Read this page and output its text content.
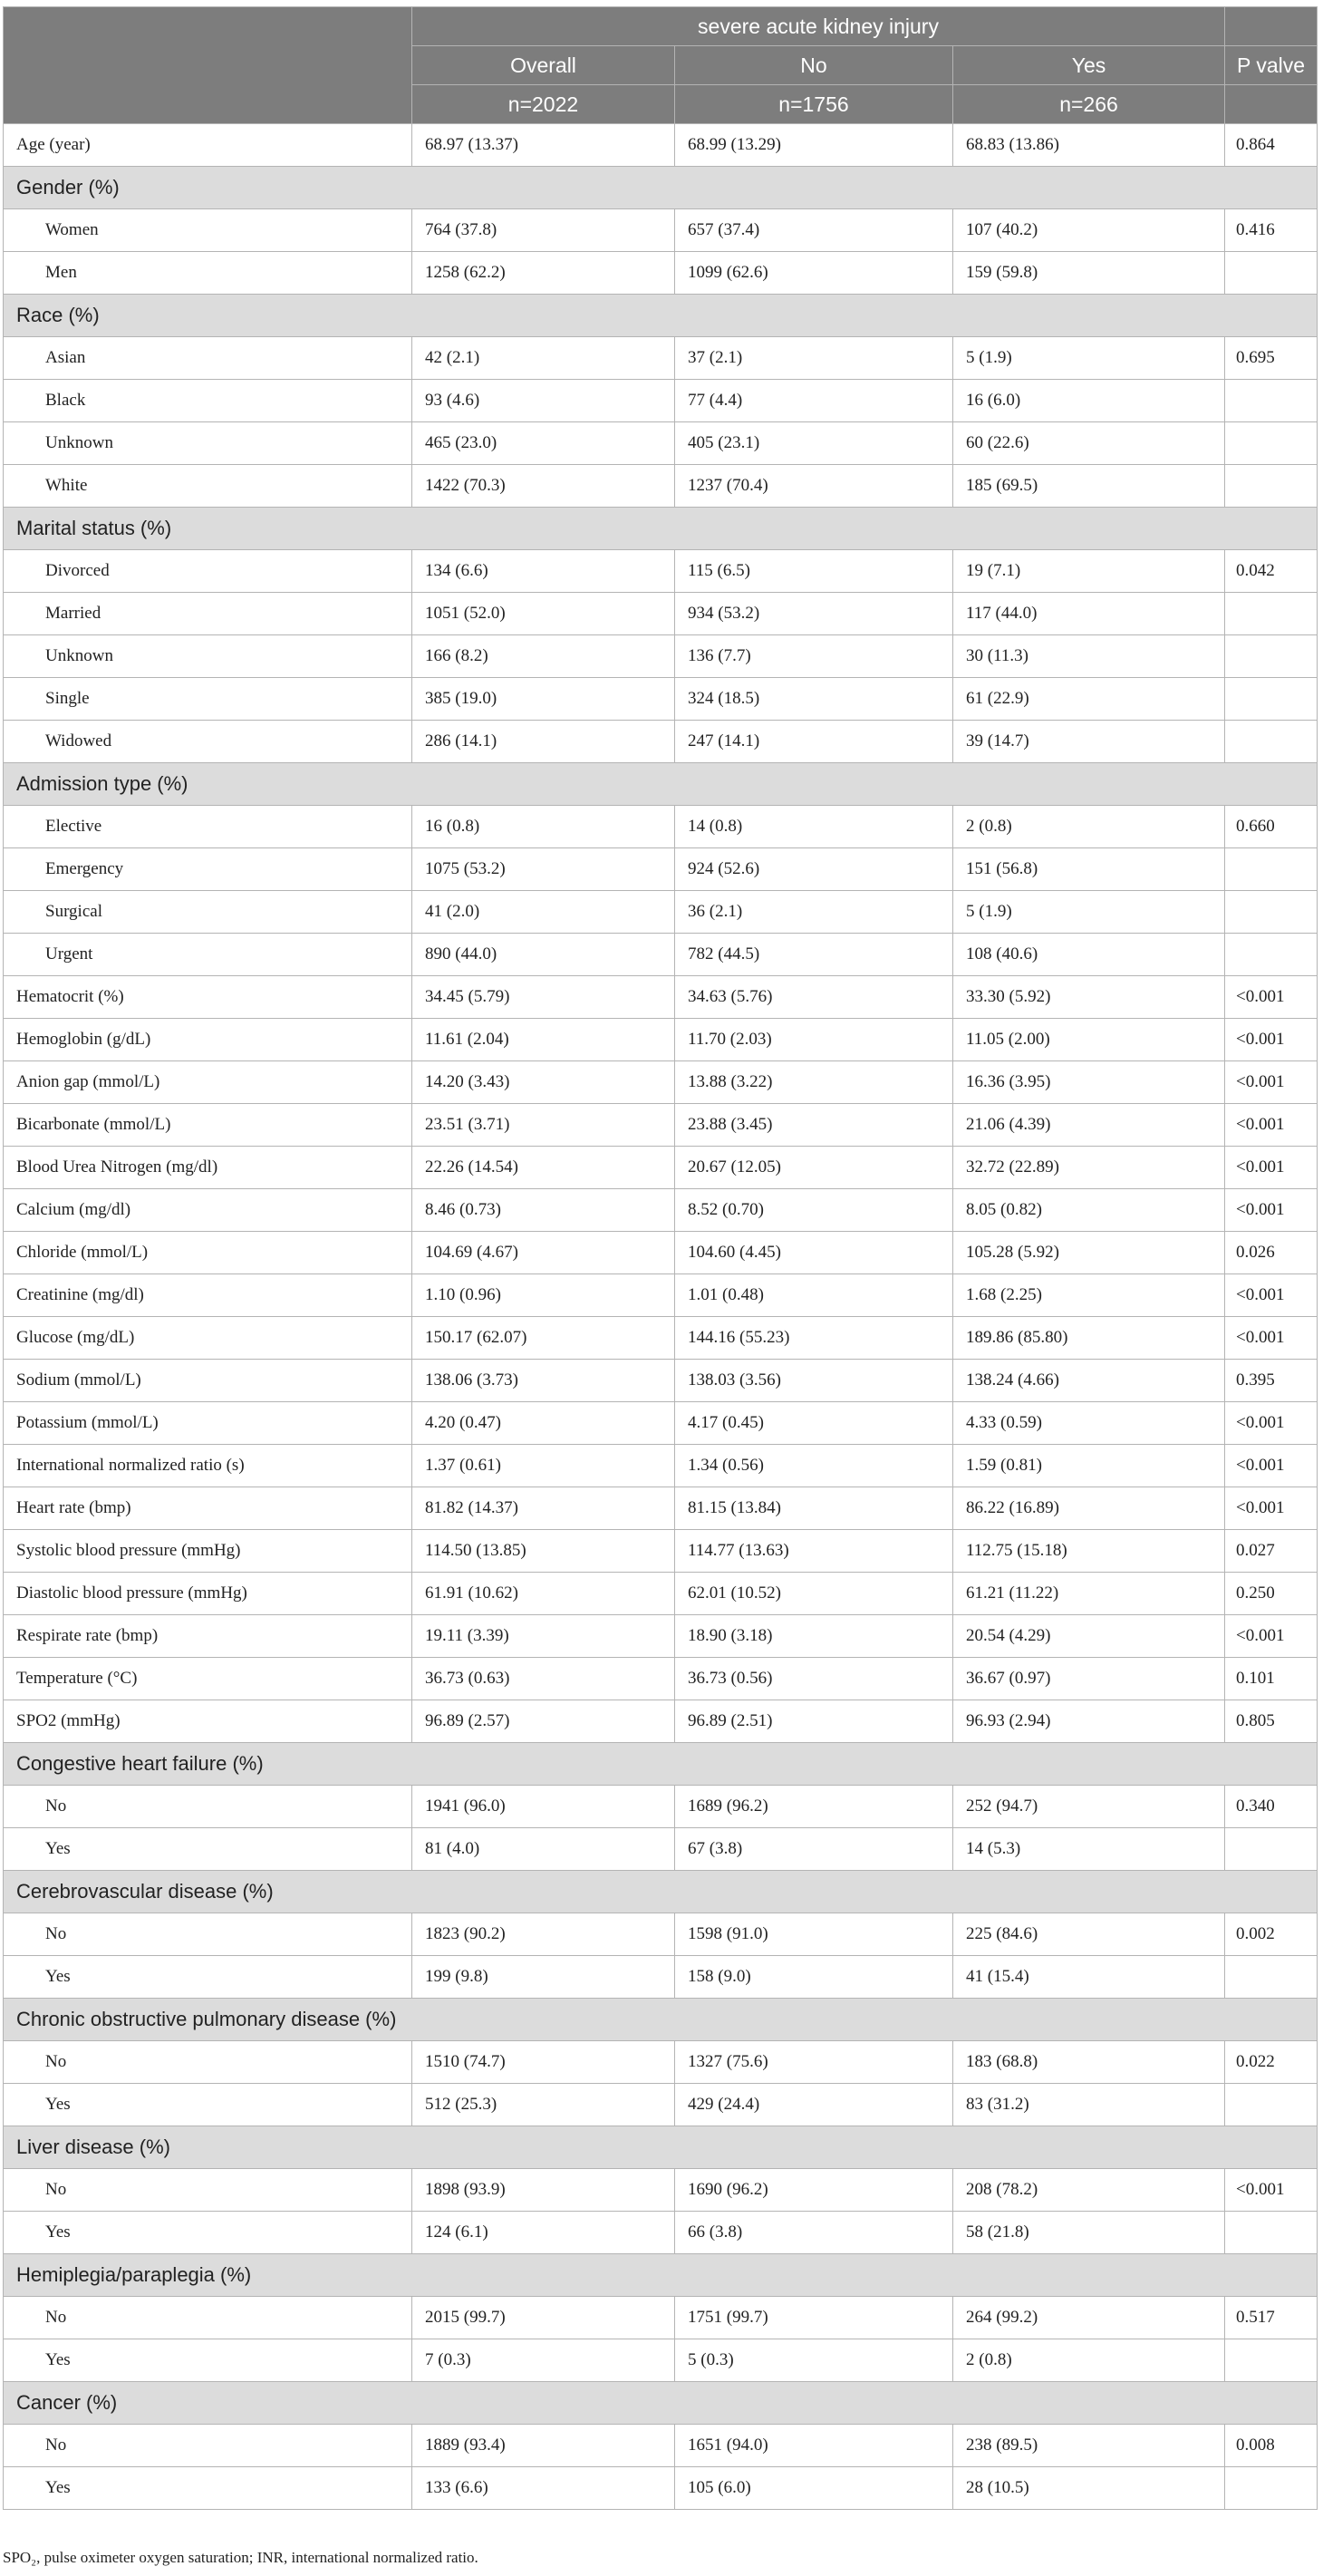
	severe acute kidney injury			
	Overall	No	Yes	P valve
	n=2022	n=1756	n=266	
Age (year)	68.97 (13.37)	68.99 (13.29)	68.83 (13.86)	0.864
Gender (%)				
Women	764 (37.8)	657 (37.4)	107 (40.2)	0.416
Men	1258 (62.2)	1099 (62.6)	159 (59.8)	
Race (%)				
Asian	42 (2.1)	37 (2.1)	5 (1.9)	0.695
Black	93 (4.6)	77 (4.4)	16 (6.0)	
Unknown	465 (23.0)	405 (23.1)	60 (22.6)	
White	1422 (70.3)	1237 (70.4)	185 (69.5)	
Marital status (%)				
Divorced	134 (6.6)	115 (6.5)	19 (7.1)	0.042
Married	1051 (52.0)	934 (53.2)	117 (44.0)	
Unknown	166 (8.2)	136 (7.7)	30 (11.3)	
Single	385 (19.0)	324 (18.5)	61 (22.9)	
Widowed	286 (14.1)	247 (14.1)	39 (14.7)	
Admission type (%)				
Elective	16 (0.8)	14 (0.8)	2 (0.8)	0.660
Emergency	1075 (53.2)	924 (52.6)	151 (56.8)	
Surgical	41 (2.0)	36 (2.1)	5 (1.9)	
Urgent	890 (44.0)	782 (44.5)	108 (40.6)	
Hematocrit (%)	34.45 (5.79)	34.63 (5.76)	33.30 (5.92)	<0.001
Hemoglobin (g/dL)	11.61 (2.04)	11.70 (2.03)	11.05 (2.00)	<0.001
Anion gap (mmol/L)	14.20 (3.43)	13.88 (3.22)	16.36 (3.95)	<0.001
Bicarbonate (mmol/L)	23.51 (3.71)	23.88 (3.45)	21.06 (4.39)	<0.001
Blood Urea Nitrogen (mg/dl)	22.26 (14.54)	20.67 (12.05)	32.72 (22.89)	<0.001
Calcium (mg/dl)	8.46 (0.73)	8.52 (0.70)	8.05 (0.82)	<0.001
Chloride (mmol/L)	104.69 (4.67)	104.60 (4.45)	105.28 (5.92)	0.026
Creatinine (mg/dl)	1.10 (0.96)	1.01 (0.48)	1.68 (2.25)	<0.001
Glucose (mg/dL)	150.17 (62.07)	144.16 (55.23)	189.86 (85.80)	<0.001
Sodium (mmol/L)	138.06 (3.73)	138.03 (3.56)	138.24 (4.66)	0.395
Potassium (mmol/L)	4.20 (0.47)	4.17 (0.45)	4.33 (0.59)	<0.001
International normalized ratio (s)	1.37 (0.61)	1.34 (0.56)	1.59 (0.81)	<0.001
Heart rate (bmp)	81.82 (14.37)	81.15 (13.84)	86.22 (16.89)	<0.001
Systolic blood pressure (mmHg)	114.50 (13.85)	114.77 (13.63)	112.75 (15.18)	0.027
Diastolic blood pressure (mmHg)	61.91 (10.62)	62.01 (10.52)	61.21 (11.22)	0.250
Respirate rate (bmp)	19.11 (3.39)	18.90 (3.18)	20.54 (4.29)	<0.001
Temperature (°C)	36.73 (0.63)	36.73 (0.56)	36.67 (0.97)	0.101
SPO2 (mmHg)	96.89 (2.57)	96.89 (2.51)	96.93 (2.94)	0.805
Congestive heart failure (%)				
No	1941 (96.0)	1689 (96.2)	252 (94.7)	0.340
Yes	81 (4.0)	67 (3.8)	14 (5.3)	
Cerebrovascular disease (%)				
No	1823 (90.2)	1598 (91.0)	225 (84.6)	0.002
Yes	199 (9.8)	158 (9.0)	41 (15.4)	
Chronic obstructive pulmonary disease (%)				
No	1510 (74.7)	1327 (75.6)	183 (68.8)	0.022
Yes	512 (25.3)	429 (24.4)	83 (31.2)	
Liver disease (%)				
No	1898 (93.9)	1690 (96.2)	208 (78.2)	<0.001
Yes	124 (6.1)	66 (3.8)	58 (21.8)	
Hemiplegia/paraplegia (%)				
No	2015 (99.7)	1751 (99.7)	264 (99.2)	0.517
Yes	7 (0.3)	5 (0.3)	2 (0.8)	
Cancer (%)				
No	1889 (93.4)	1651 (94.0)	238 (89.5)	0.008
Yes	133 (6.6)	105 (6.0)	28 (10.5)	
SPO₂, pulse oximeter oxygen saturation; INR, international normalized ratio.
